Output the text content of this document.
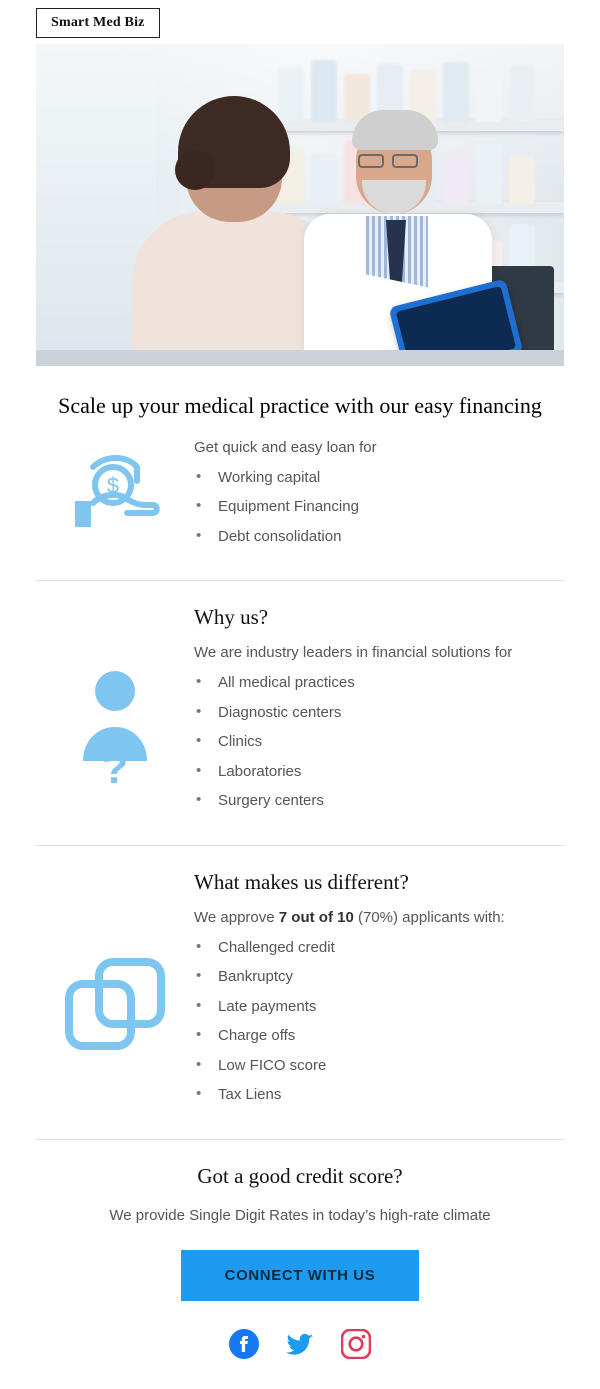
Smart Med Biz
Scale up your medical practice with our easy financing
$

Get quick and easy loan for

• Working capital
• Equipment Financing
• Debt consolidation
?
Why us?

We are industry leaders in financial solutions for

• All medical practices
• Diagnostic centers
• Clinics
• Laboratories
• Surgery centers
What makes us different?

We approve 7 out of 10 (70%) applicants with:

• Challenged credit
• Bankruptcy
• Late payments
• Charge offs
• Low FICO score
• Tax Liens
Got a good credit score?
We provide Single Digit Rates in today’s high-rate climate
CONNECT WITH US
